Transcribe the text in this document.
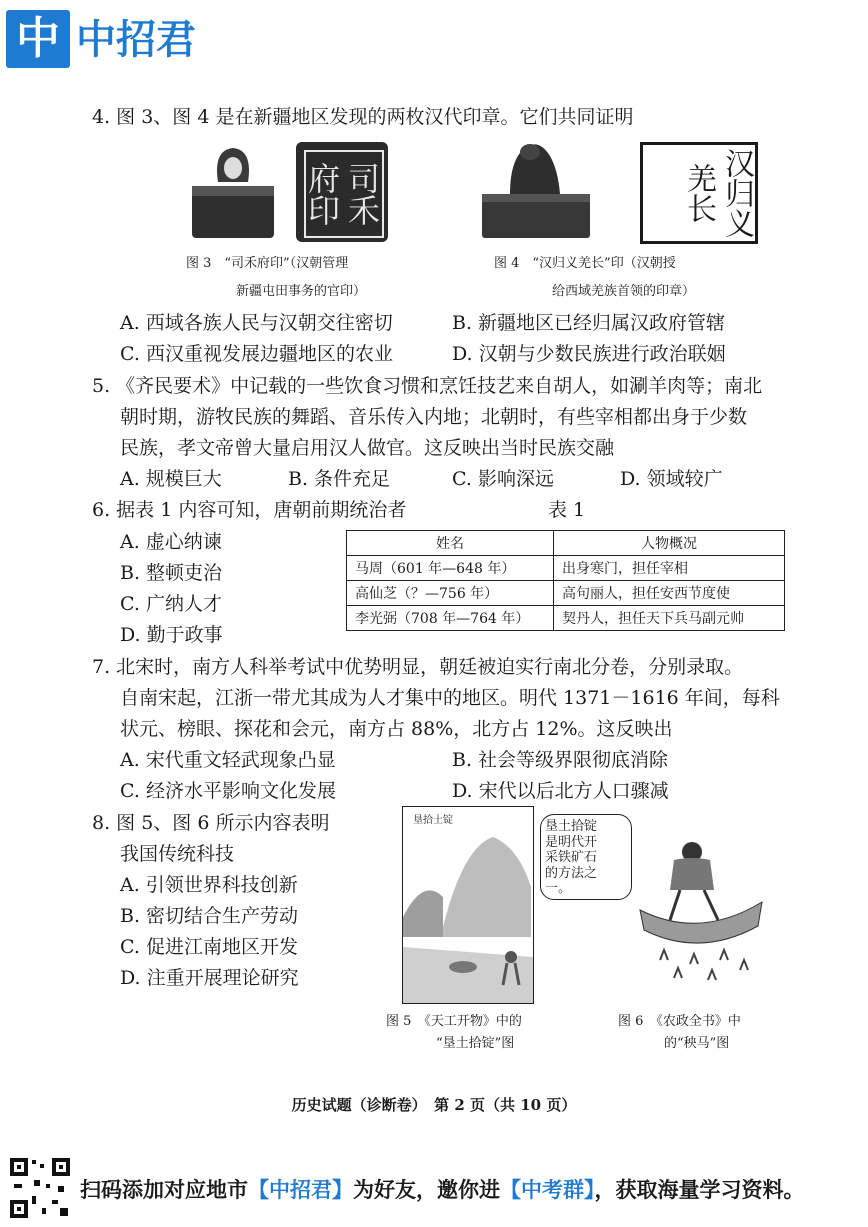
中 中招君
4. 图 3、图 4 是在新疆地区发现的两枚汉代印章。它们共同证明
司禾府印	汉归义羌长
图 3　“司禾府印”（汉朝管理
新疆屯田事务的官印）
图 4　“汉归义羌长”印（汉朝授
给西域羌族首领的印章）
A. 西域各族人民与汉朝交往密切	B. 新疆地区已经归属汉政府管辖
C. 西汉重视发展边疆地区的农业	D. 汉朝与少数民族进行政治联姻
5. 《齐民要术》中记载的一些饮食习惯和烹饪技艺来自胡人，如涮羊肉等；南北
朝时期，游牧民族的舞蹈、音乐传入内地；北朝时，有些宰相都出身于少数
民族，孝文帝曾大量启用汉人做官。这反映出当时民族交融
A. 规模巨大	B. 条件充足	C. 影响深远	D. 领域较广
6. 据表 1 内容可知，唐朝前期统治者	表 1
A. 虚心纳谏
B. 整顿吏治
C. 广纳人才
D. 勤于政事
姓名	人物概况
马周（601 年—648 年）	出身寒门，担任宰相
高仙芝（？—756 年）	高句丽人，担任安西节度使
李光弼（708 年—764 年）	契丹人，担任天下兵马副元帅
7. 北宋时，南方人科举考试中优势明显，朝廷被迫实行南北分卷，分别录取。
自南宋起，江浙一带尤其成为人才集中的地区。明代 1371－1616 年间，每科
状元、榜眼、探花和会元，南方占 88%，北方占 12%。这反映出
A. 宋代重文轻武现象凸显	B. 社会等级界限彻底消除
C. 经济水平影响文化发展	D. 宋代以后北方人口骤减
8. 图 5、图 6 所示内容表明
我国传统科技
A. 引领世界科技创新
B. 密切结合生产劳动
C. 促进江南地区开发
D. 注重开展理论研究
垦拾土锭	垦土拾锭
是明代开
采铁矿石
的方法之
一。
图 5　《天工开物》中的
“垦土拾锭”图
图 6　《农政全书》中
的“秧马”图
历史试题（诊断卷）　第 2 页（共 10 页）
扫码添加对应地市【中招君】为好友，邀你进【中考群】，获取海量学习资料。
